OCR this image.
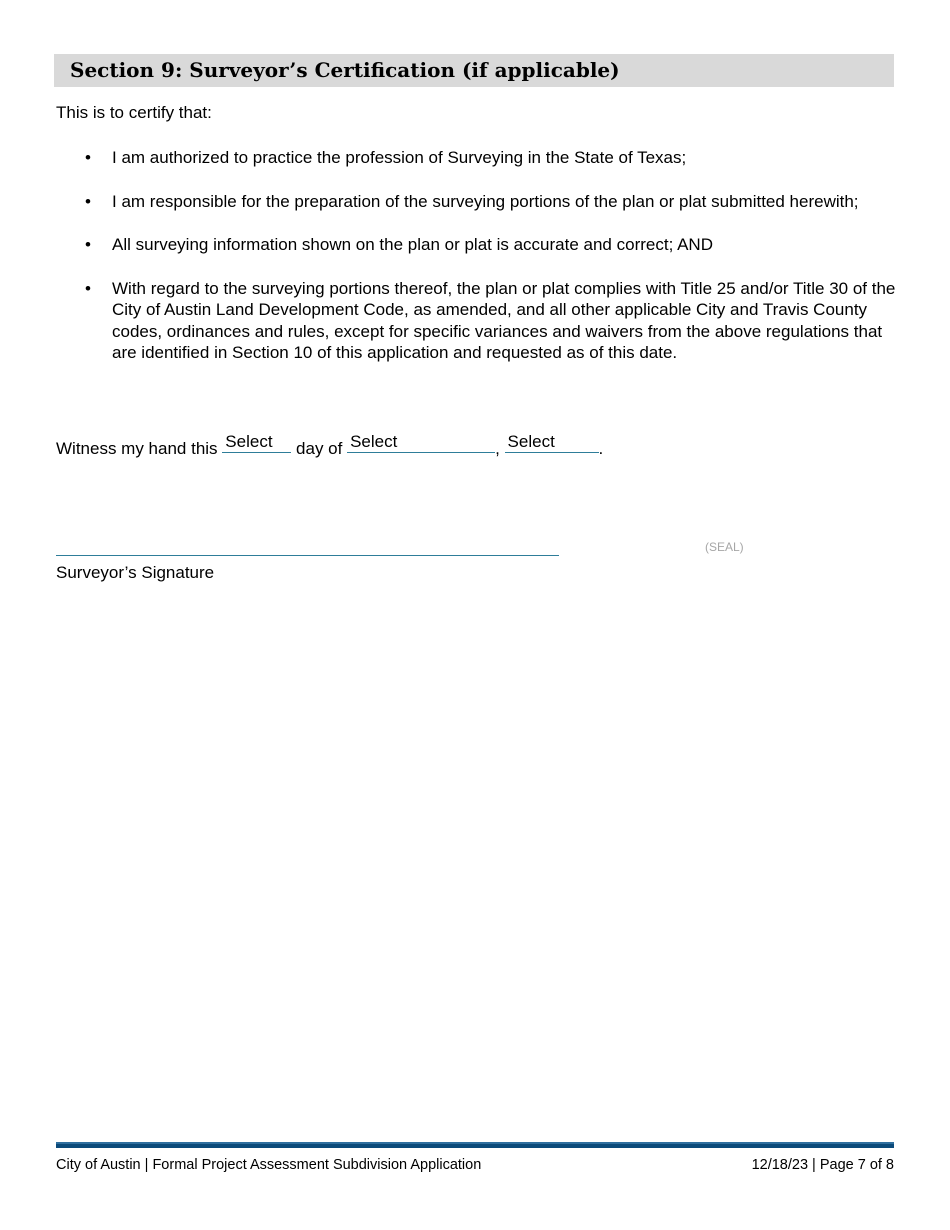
Section 9: Surveyor’s Certification (if applicable)
This is to certify that:
• I am authorized to practice the profession of Surveying in the State of Texas;
• I am responsible for the preparation of the surveying portions of the plan or plat submitted herewith;
• All surveying information shown on the plan or plat is accurate and correct; AND
• With regard to the surveying portions thereof, the plan or plat complies with Title 25 and/or Title 30 of the City of Austin Land Development Code, as amended, and all other applicable City and Travis County codes, ordinances and rules, except for specific variances and waivers from the above regulations that are identified in Section 10 of this application and requested as of this date.
Witness my hand this Select day of Select	, Select	.
Surveyor’s Signature
(SEAL)
City of Austin | Formal Project Assessment Subdivision Application	12/18/23 | Page 7 of 8
